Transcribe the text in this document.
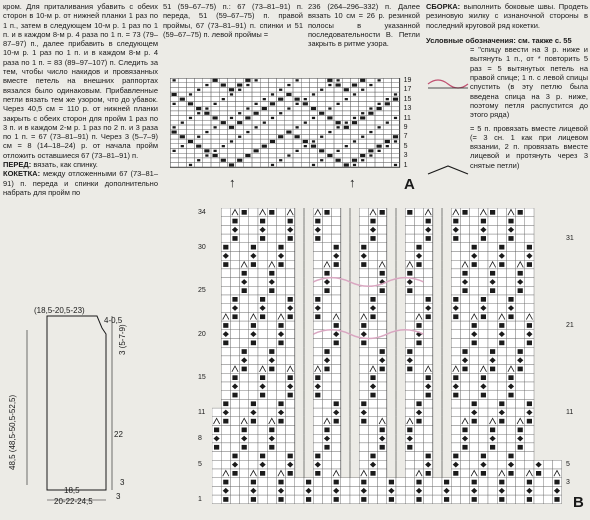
кром. Для приталивания убавить с обеих сторон в 10-м р. от нижней планки 1 раз по 1 п., затем в следующем 10-м р. 1 раз по 1 п. и в каждом 8-м р. 4 раза по 1 п. = 73 (79–87–97) п., далее прибавить в следующем 10-м р. 1 раз по 1 п. и в каждом 8-м р. 4 раза по 1 п. = 83 (89–97–107) п. Следить за тем, чтобы число накидов и провязанных вместе петель на внешних раппортах вязался было одинаковым. Прибавленные петли вязать тем же узором, что до убавок. Через 40,5 см = 110 р. от нижней планки закрыть с обеих сторон для пройм 1 раз по 3 п. и в каждом 2-м р. 1 раз по 2 п. и 3 раза по 1 п. = 67 (73–81–91) п. Через 3 (5–7–9) см = 8 (14–18–24) р. от начала пройм отложить оставшиеся 67 (73–81–91) п.

ПЕРЕД: вязать, как спинку.

КОКЕТКА: между отложенными 67 (73–81–91) п. переда и спинки дополнительно набрать для пройм по

51 (59–67–75) п.: 67 (73–81–91) п. переда, 51 (59–67–75) п. правой проймы, 67 (73–81–91) п. спинки и 51 (59–67–75) п. левой проймы =

236 (264–296–332) п. Далее вязать 10 см = 26 р. резинкой полосы в указанной последовательности В. Петли закрыть в ритме узора.

СБОРКА: выполнить боковые швы. Продеть резиновую жилку с изнаночной стороны в последний круговой ряд кокетки.

Условные обозначения: см. также с. 55

= "спицу ввести на 3 р. ниже и вытянуть 1 п., от * повторить 5 раз = 5 вытянутых петель на правой спице; 1 п. с левой спицы спустить (в эту петлю была введена спица на 3 р. ниже, поэтому петля распустится до этого ряда)

= 5 п. провязать вместе лицевой (= 3 сн. 1 как при лицевом вязании, 2 п. провязать вместе лицевой и протянуть через 3 снятые петли)

(18,5-20,5-23)
4-0,5
3 (5-7-9)
48,5 (48,5-50,5-52,5)	22
3
18,5
20-22-24,5
3
19
17
15
13
11
9
7
5
3
1
A
↑	↑
34
30
25
20
15
11
8
5
1
31
21
11
5
3
B
